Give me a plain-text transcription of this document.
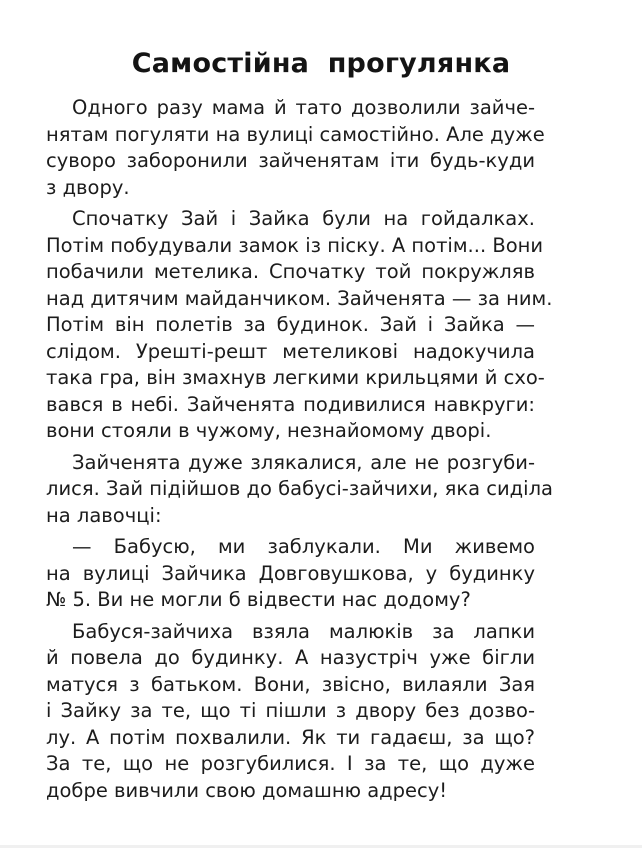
Самостійна прогулянка
Одного разу мама й тато дозволили зайче-
нятам погуляти на вулиці самостійно. Але дуже
суворо заборонили зайченятам іти будь-куди
з двору.
Спочатку Зай і Зайка були на гойдалках.
Потім побудували замок із піску. А потім... Вони
побачили метелика. Спочатку той покружляв
над дитячим майданчиком. Зайченята — за ним.
Потім він полетів за будинок. Зай і Зайка —
слідом. Урешті-решт метеликові надокучила
така гра, він змахнув легкими крильцями й схо-
вався в небі. Зайченята подивилися навкруги:
вони стояли в чужому, незнайомому дворі.
Зайченята дуже злякалися, але не розгуби-
лися. Зай підійшов до бабусі-зайчихи, яка сиділа
на лавочці:
— Бабусю, ми заблукали. Ми живемо
на вулиці Зайчика Довговушкова, у будинку
№ 5. Ви не могли б відвести нас додому?
Бабуся-зайчиха взяла малюків за лапки
й повела до будинку. А назустріч уже бігли
матуся з батьком. Вони, звісно, вилаяли Зая
і Зайку за те, що ті пішли з двору без дозво-
лу. А потім похвалили. Як ти гадаєш, за що?
За те, що не розгубилися. І за те, що дуже
добре вивчили свою домашню адресу!
